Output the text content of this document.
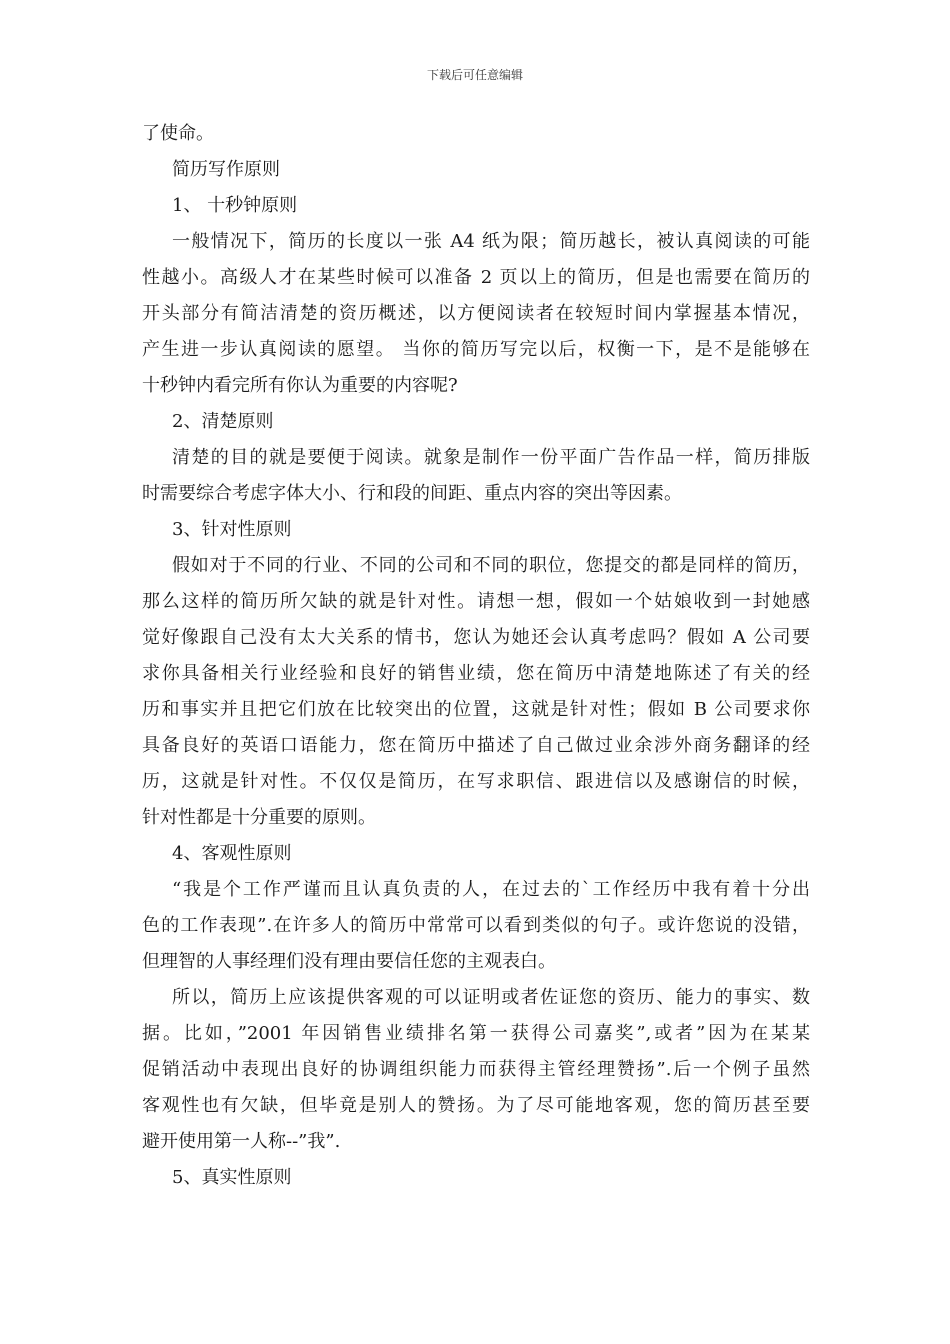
下载后可任意编辑
了使命。
简历写作原则
1、 十秒钟原则
一般情况下，简历的长度以一张 A4 纸为限；简历越长，被认真阅读的可能
性越小。高级人才在某些时候可以准备 2 页以上的简历，但是也需要在简历的
开头部分有简洁清楚的资历概述，以方便阅读者在较短时间内掌握基本情况，
产生进一步认真阅读的愿望。 当你的简历写完以后，权衡一下，是不是能够在
十秒钟内看完所有你认为重要的内容呢?
2、清楚原则
清楚的目的就是要便于阅读。就象是制作一份平面广告作品一样，简历排版
时需要综合考虑字体大小、行和段的间距、重点内容的突出等因素。
3、针对性原则
假如对于不同的行业、不同的公司和不同的职位，您提交的都是同样的简历，
那么这样的简历所欠缺的就是针对性。请想一想，假如一个姑娘收到一封她感
觉好像跟自己没有太大关系的情书，您认为她还会认真考虑吗？假如 A 公司要
求你具备相关行业经验和良好的销售业绩，您在简历中清楚地陈述了有关的经
历和事实并且把它们放在比较突出的位置，这就是针对性；假如 B 公司要求你
具备良好的英语口语能力，您在简历中描述了自己做过业余涉外商务翻译的经
历，这就是针对性。不仅仅是简历，在写求职信、跟进信以及感谢信的时候，
针对性都是十分重要的原则。
4、客观性原则
“我是个工作严谨而且认真负责的人，在过去的`工作经历中我有着十分出
色的工作表现”.在许多人的简历中常常可以看到类似的句子。或许您说的没错，
但理智的人事经理们没有理由要信任您的主观表白。
所以，简历上应该提供客观的可以证明或者佐证您的资历、能力的事实、数
据。比如，”2001 年因销售业绩排名第一获得公司嘉奖”,或者”因为在某某
促销活动中表现出良好的协调组织能力而获得主管经理赞扬”.后一个例子虽然
客观性也有欠缺，但毕竟是别人的赞扬。为了尽可能地客观，您的简历甚至要
避开使用第一人称--”我”.
5、真实性原则
